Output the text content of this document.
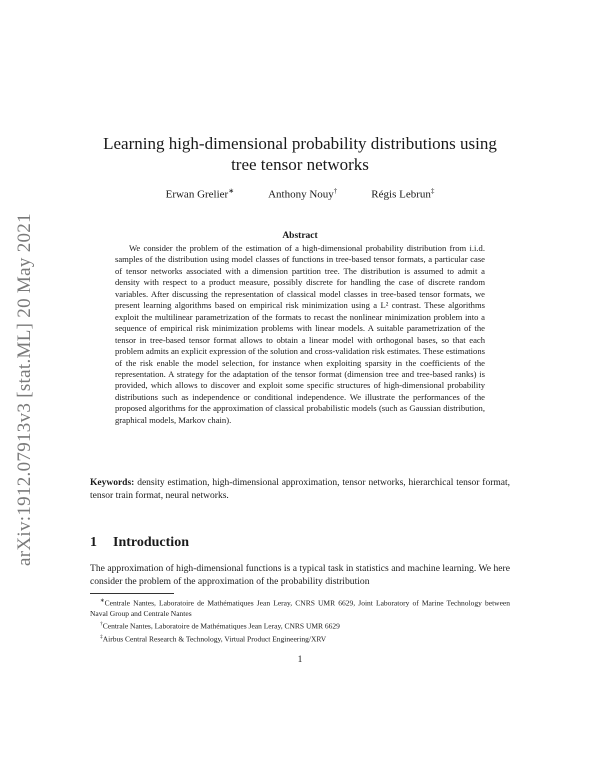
arXiv:1912.07913v3 [stat.ML] 20 May 2021
Learning high-dimensional probability distributions using
tree tensor networks
Erwan Grelier∗	Anthony Nouy†	Régis Lebrun‡
Abstract

We consider the problem of the estimation of a high-dimensional probability distribution from i.i.d. samples of the distribution using model classes of functions in tree-based tensor formats, a particular case of tensor networks associated with a dimension partition tree. The distribution is assumed to admit a density with respect to a product measure, possibly discrete for handling the case of discrete random variables. After discussing the representation of classical model classes in tree-based tensor formats, we present learning algorithms based on empirical risk minimization using a L² contrast. These algorithms exploit the multilinear parametrization of the formats to recast the nonlinear minimization problem into a sequence of empirical risk minimization problems with linear models. A suitable parametrization of the tensor in tree-based tensor format allows to obtain a linear model with orthogonal bases, so that each problem admits an explicit expression of the solution and cross-validation risk estimates. These estimations of the risk enable the model selection, for instance when exploiting sparsity in the coefficients of the representation. A strategy for the adaptation of the tensor format (dimension tree and tree-based ranks) is provided, which allows to discover and exploit some specific structures of high-dimensional probability distributions such as independence or conditional independence. We illustrate the performances of the proposed algorithms for the approximation of classical probabilistic models (such as Gaussian distribution, graphical models, Markov chain).

Keywords: density estimation, high-dimensional approximation, tensor networks, hierarchical tensor format, tensor train format, neural networks.

1 Introduction

The approximation of high-dimensional functions is a typical task in statistics and machine learning. We here consider the problem of the approximation of the probability distribution

∗Centrale Nantes, Laboratoire de Mathématiques Jean Leray, CNRS UMR 6629, Joint Laboratory of Marine Technology between Naval Group and Centrale Nantes

†Centrale Nantes, Laboratoire de Mathématiques Jean Leray, CNRS UMR 6629

‡Airbus Central Research & Technology, Virtual Product Engineering/XRV

1
